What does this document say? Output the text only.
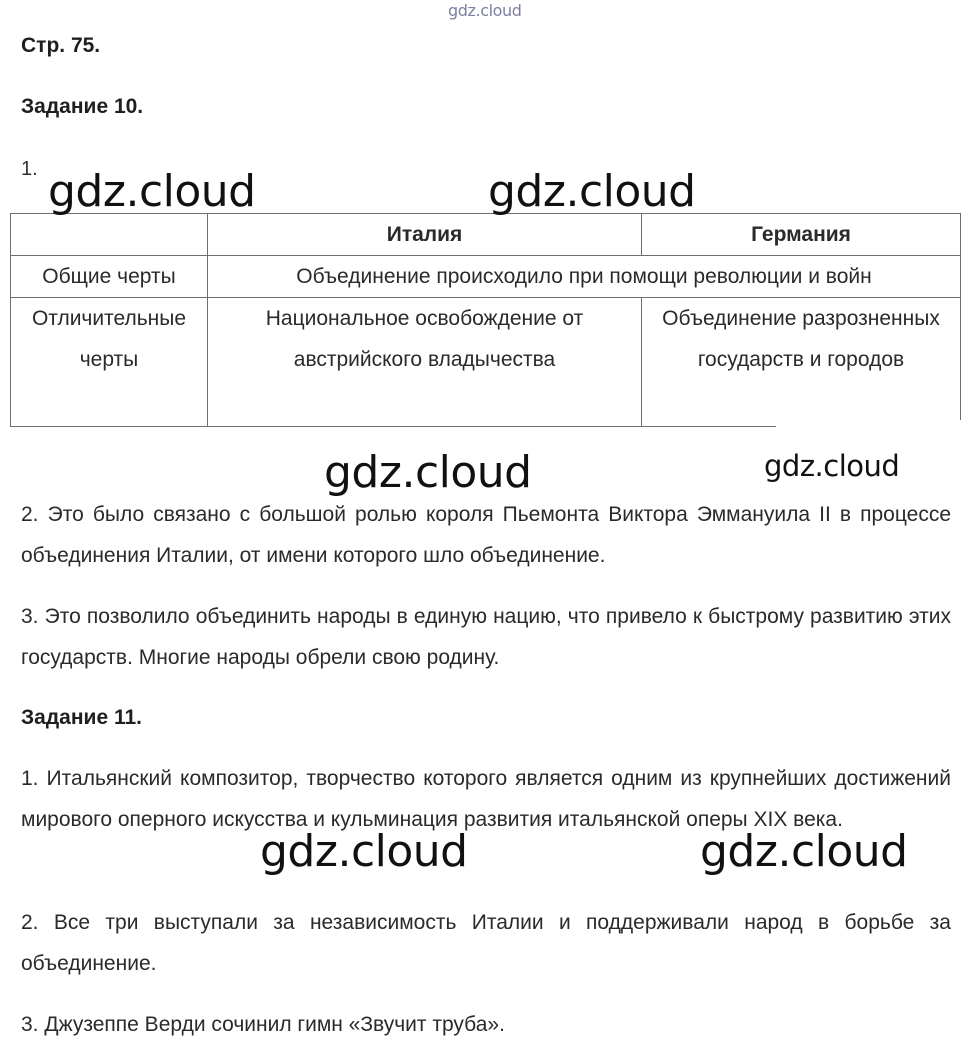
gdz.cloud
Стр. 75.
Задание 10.
1.
	Италия	Германия
Общие черты	Объединение происходило при помощи революции и войн	
Отличительные черты	Национальное освобождение от австрийского владычества	Объединение разрозненных государств и городов
2. Это было связано с большой ролью короля Пьемонта Виктора Эммануила II в процессе объединения Италии, от имени которого шло объединение.
3. Это позволило объединить народы в единую нацию, что привело к быстрому развитию этих государств. Многие народы обрели свою родину.
Задание 11.
1. Итальянский композитор, творчество которого является одним из крупнейших достижений мирового оперного искусства и кульминация развития итальянской оперы XIX века.
2. Все три выступали за независимость Италии и поддерживали народ в борьбе за объединение.
3. Джузеппе Верди сочинил гимн «Звучит труба».
gdz.cloud	gdz.cloud
gdz.cloud	gdz.cloud
gdz.cloud	gdz.cloud
